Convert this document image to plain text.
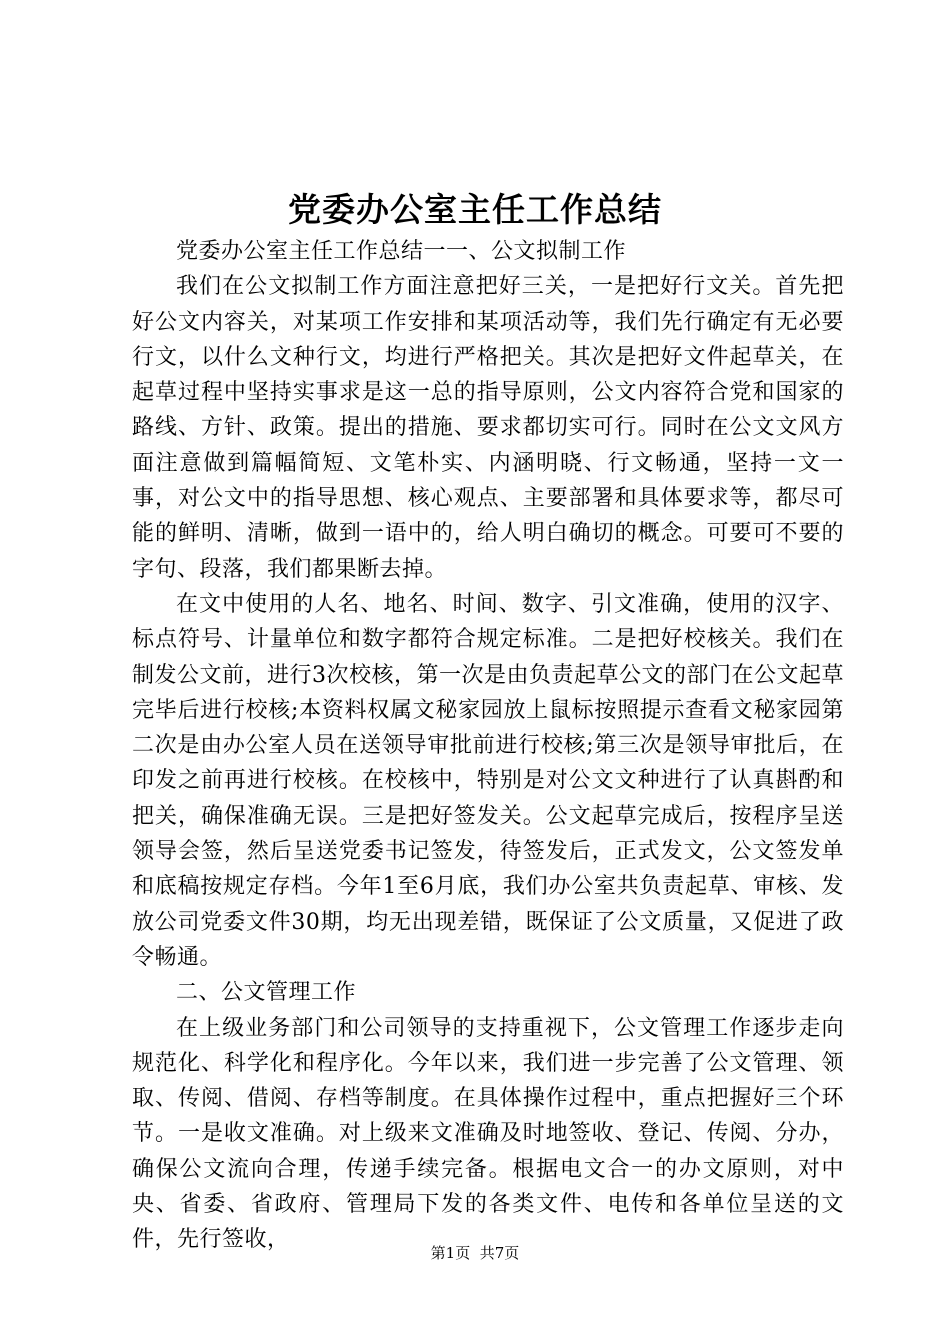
党委办公室主任工作总结

党委办公室主任工作总结一一、公文拟制工作

我们在公文拟制工作方面注意把好三关，一是把好行文关。首先把好公文内容关，对某项工作安排和某项活动等，我们先行确定有无必要行文，以什么文种行文，均进行严格把关。其次是把好文件起草关，在起草过程中坚持实事求是这一总的指导原则，公文内容符合党和国家的路线、方针、政策。提出的措施、要求都切实可行。同时在公文文风方面注意做到篇幅简短、文笔朴实、内涵明晓、行文畅通，坚持一文一事，对公文中的指导思想、核心观点、主要部署和具体要求等，都尽可能的鲜明、清晰，做到一语中的，给人明白确切的概念。可要可不要的字句、段落，我们都果断去掉。

在文中使用的人名、地名、时间、数字、引文准确，使用的汉字、标点符号、计量单位和数字都符合规定标准。二是把好校核关。我们在制发公文前，进行3次校核，第一次是由负责起草公文的部门在公文起草完毕后进行校核;本资料权属文秘家园放上鼠标按照提示查看文秘家园第二次是由办公室人员在送领导审批前进行校核;第三次是领导审批后，在印发之前再进行校核。在校核中，特别是对公文文种进行了认真斟酌和把关，确保准确无误。三是把好签发关。公文起草完成后，按程序呈送领导会签，然后呈送党委书记签发，待签发后，正式发文，公文签发单和底稿按规定存档。今年1至6月底，我们办公室共负责起草、审核、发放公司党委文件30期，均无出现差错，既保证了公文质量，又促进了政令畅通。

二、公文管理工作

在上级业务部门和公司领导的支持重视下，公文管理工作逐步走向规范化、科学化和程序化。今年以来，我们进一步完善了公文管理、领取、传阅、借阅、存档等制度。在具体操作过程中，重点把握好三个环节。一是收文准确。对上级来文准确及时地签收、登记、传阅、分办，确保公文流向合理，传递手续完备。根据电文合一的办文原则，对中央、省委、省政府、管理局下发的各类文件、电传和各单位呈送的文件，先行签收，

第1页 共7页
